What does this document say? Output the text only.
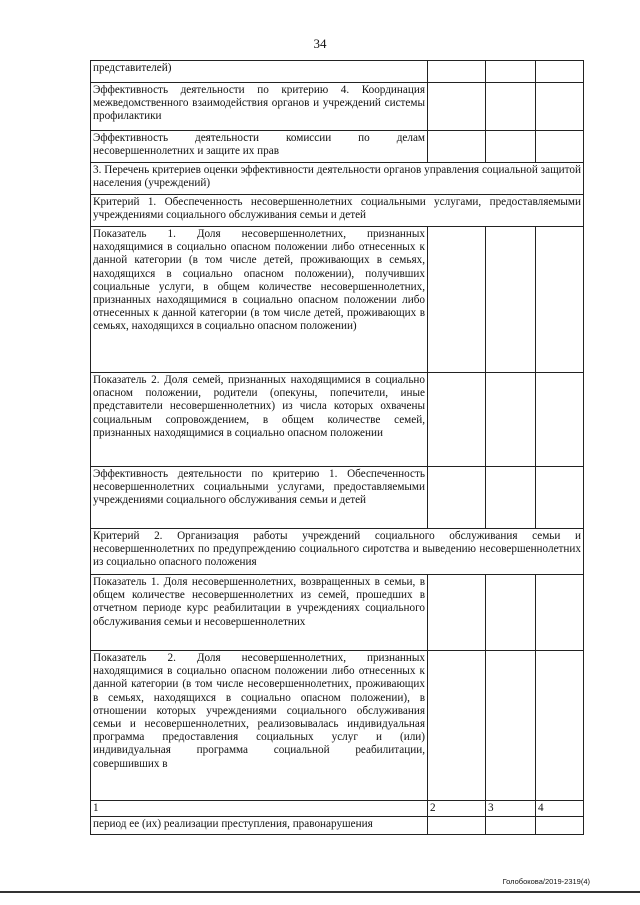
34
представителей)			
Эффективность деятельности по критерию 4. Координация межведомственного взаимодействия органов и учреждений системы профилактики			
Эффективность деятельности комиссии по делам несовершеннолетних и защите их прав			
3. Перечень критериев оценки эффективности деятельности органов управления социальной защитой населения (учреждений)			
Критерий 1. Обеспеченность несовершеннолетних социальными услугами, предоставляемыми учреждениями социального обслуживания семьи и детей			
Показатель 1. Доля несовершеннолетних, признанных находящимися в социально опасном положении либо отнесенных к данной категории (в том числе детей, проживающих в семьях, находящихся в социально опасном положении), получивших социальные услуги, в общем количестве несовершеннолетних, признанных находящимися в социально опасном положении либо отнесенных к данной категории (в том числе детей, проживающих в семьях, находящихся в социально опасном положении)			
Показатель 2. Доля семей, признанных находящимися в социально опасном положении, родители (опекуны, попечители, иные представители несовершеннолетних) из числа которых охвачены социальным сопровождением, в общем количестве семей, признанных находящимися в социально опасном положении			
Эффективность деятельности по критерию 1. Обеспеченность несовершеннолетних социальными услугами, предоставляемыми учреждениями социального обслуживания семьи и детей			
Критерий 2. Организация работы учреждений социального обслуживания семьи и несовершеннолетних по предупреждению социального сиротства и выведению несовершеннолетних из социально опасного положения			
Показатель 1. Доля несовершеннолетних, возвращенных в семьи, в общем количестве несовершеннолетних из семей, прошедших в отчетном периоде курс реабилитации в учреждениях социального обслуживания семьи и несовершеннолетних			
Показатель 2. Доля несовершеннолетних, признанных находящимися в социально опасном положении либо отнесенных к данной категории (в том числе несовершеннолетних, проживающих в семьях, находящихся в социально опасном положении), в отношении которых учреждениями социального обслуживания семьи и несовершеннолетних, реализовывалась индивидуальная программа предоставления социальных услуг и (или) индивидуальная программа социальной реабилитации, совершивших в			
1	2	3	4
период ее (их) реализации преступления, правонарушения			
Голобокова/2019-2319(4)
